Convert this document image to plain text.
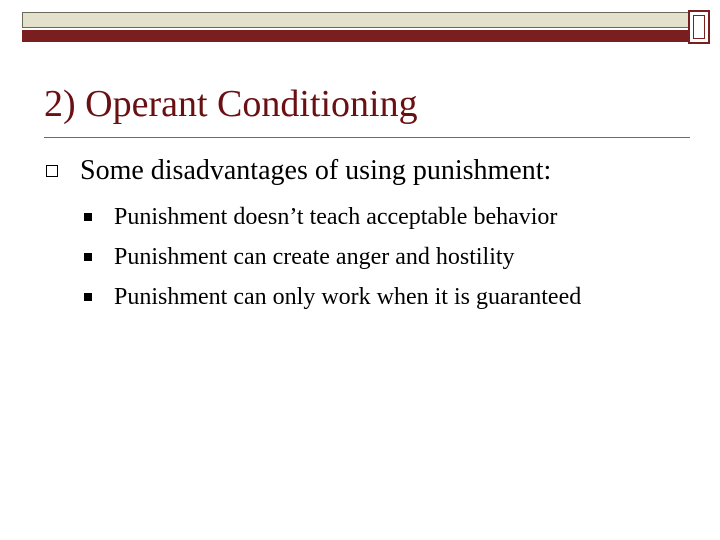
2) Operant Conditioning
Some disadvantages of using punishment:
Punishment doesn’t teach acceptable behavior
Punishment can create anger and hostility
Punishment can only work when it is guaranteed
